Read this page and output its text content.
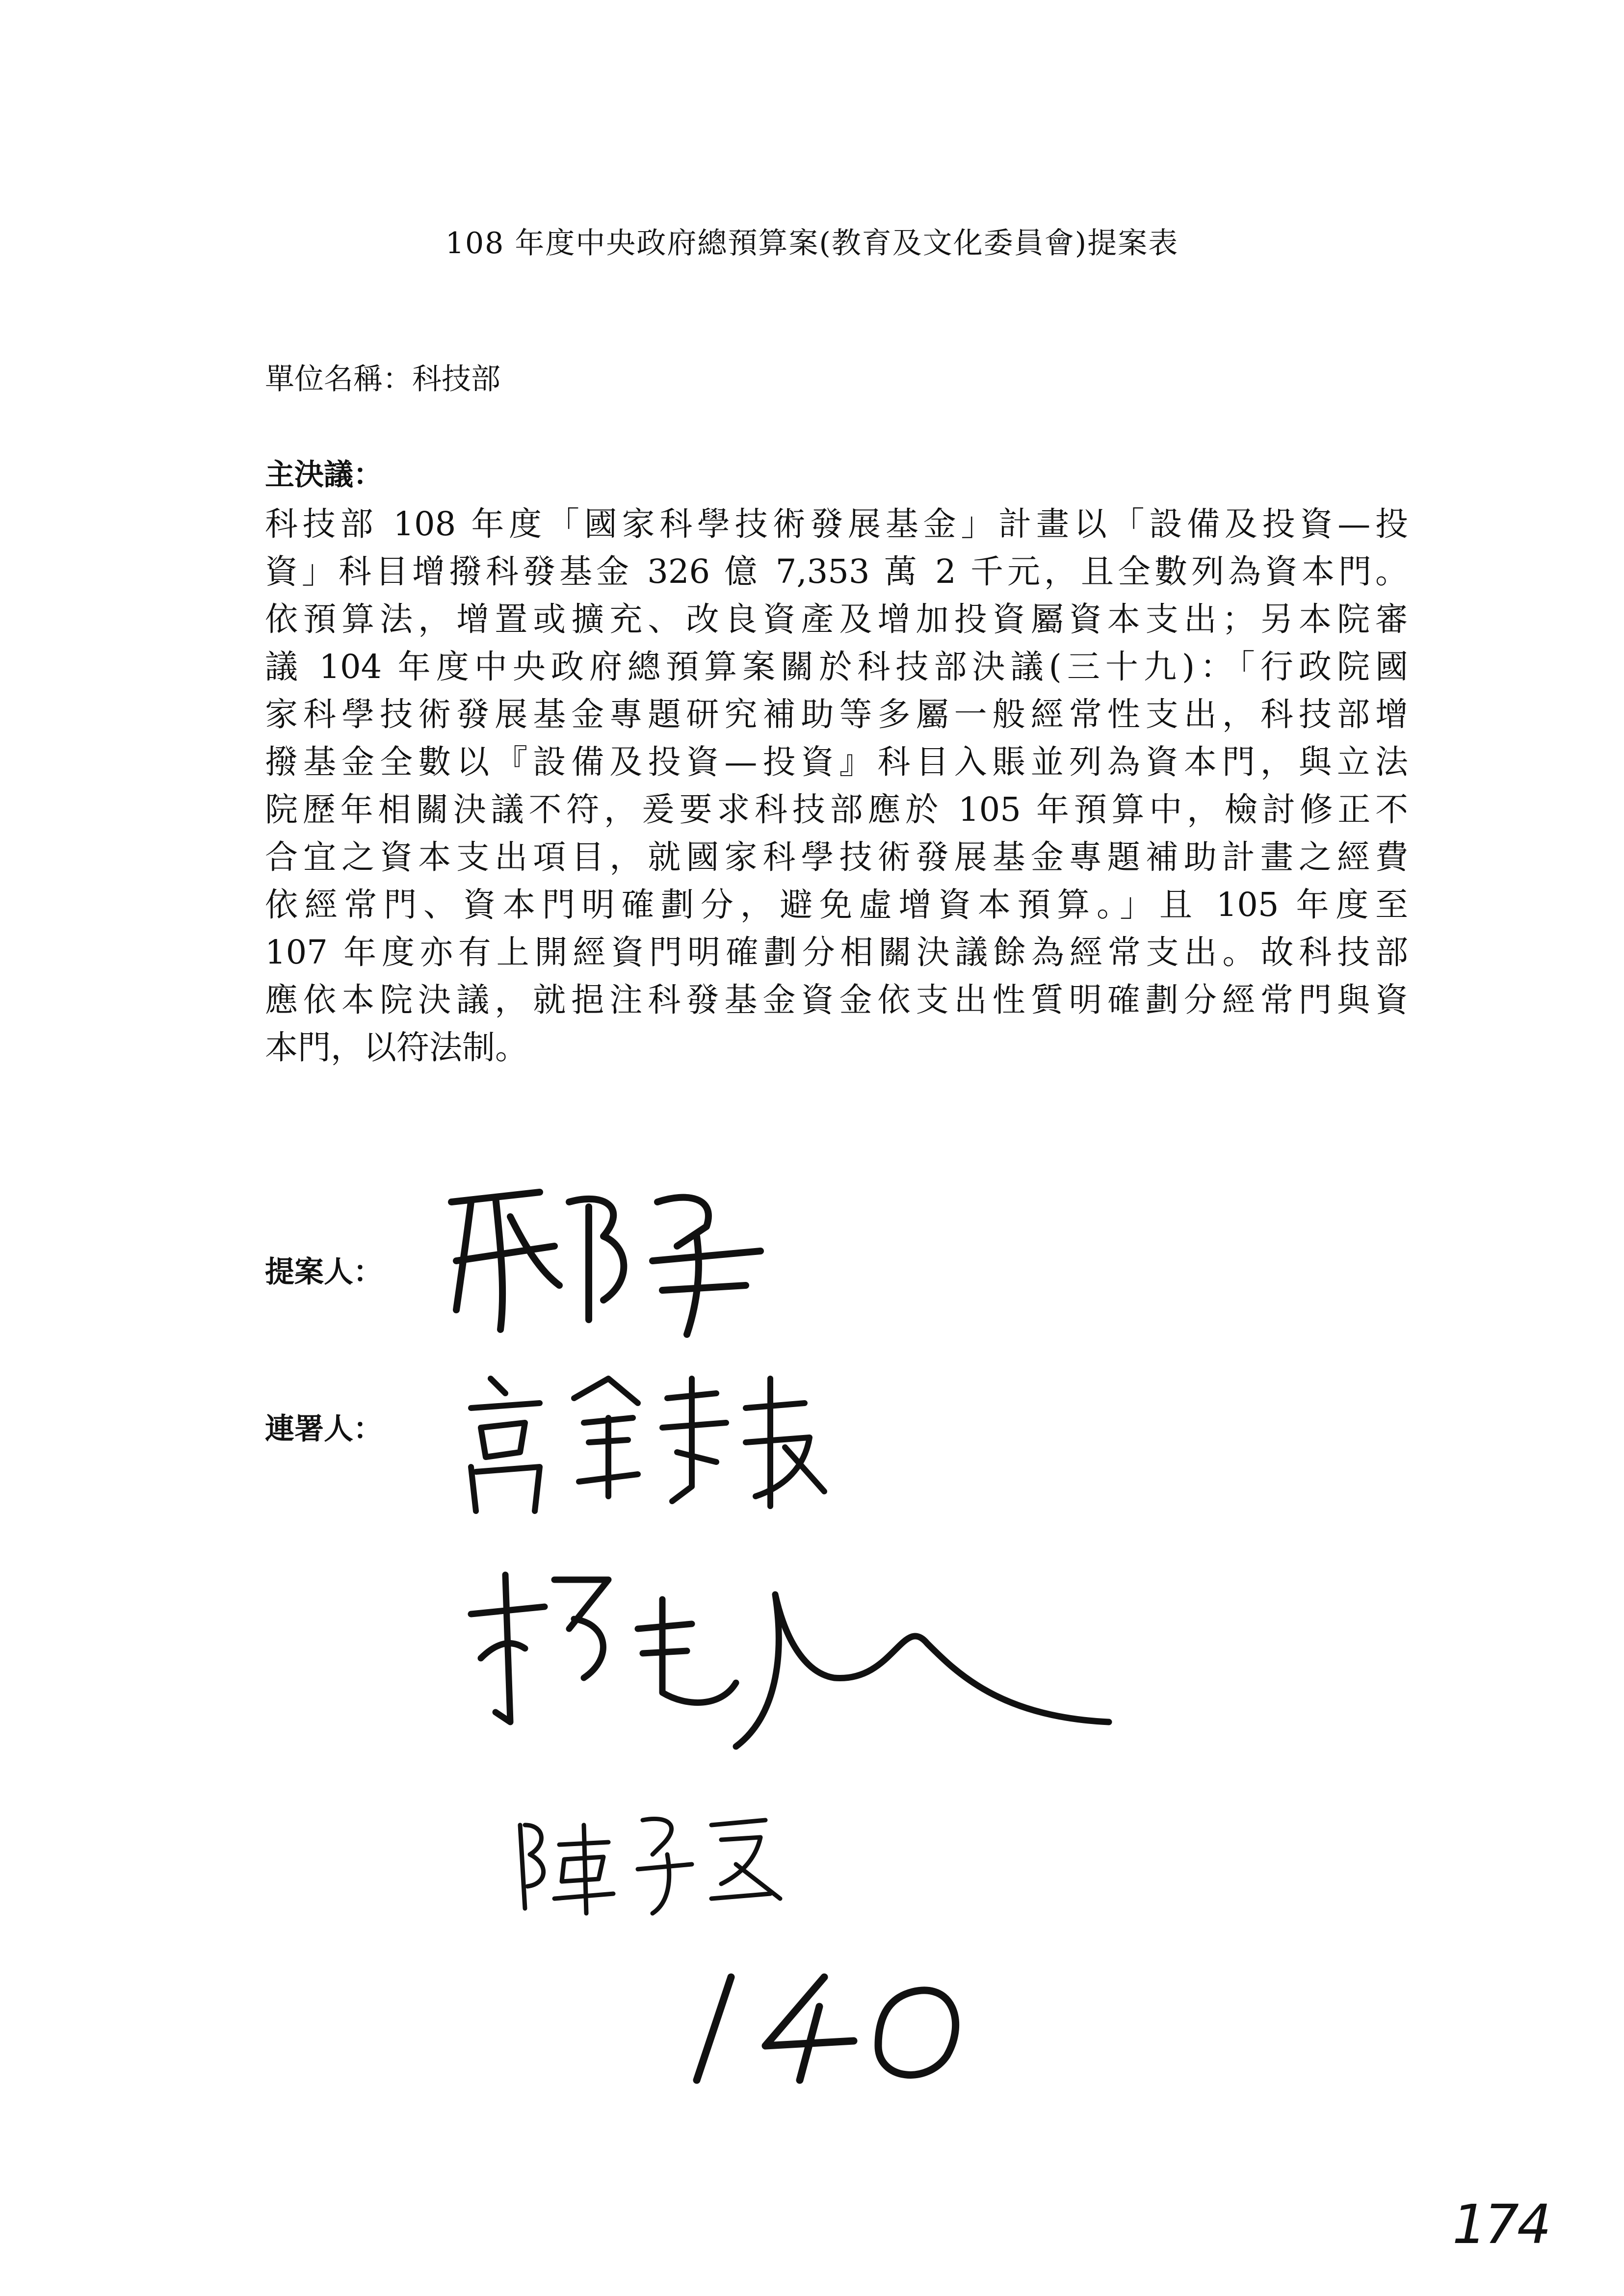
108 年度中央政府總預算案(教育及文化委員會)提案表
單位名稱：科技部
主決議：
科技部 108 年度「國家科學技術發展基金」計畫以「設備及投資—投
資」科目增撥科發基金 326 億 7,353 萬 2 千元，且全數列為資本門。
依預算法，增置或擴充、改良資產及增加投資屬資本支出；另本院審
議 104 年度中央政府總預算案關於科技部決議(三十九)：「行政院國
家科學技術發展基金專題研究補助等多屬一般經常性支出，科技部增
撥基金全數以『設備及投資—投資』科目入賬並列為資本門，與立法
院歷年相關決議不符，爰要求科技部應於 105 年預算中，檢討修正不
合宜之資本支出項目，就國家科學技術發展基金專題補助計畫之經費
依經常門、資本門明確劃分，避免虛增資本預算。」且 105 年度至
107 年度亦有上開經資門明確劃分相關決議餘為經常支出。故科技部
應依本院決議，就挹注科發基金資金依支出性質明確劃分經常門與資
本門，以符法制。
提案人：
連署人：
174
